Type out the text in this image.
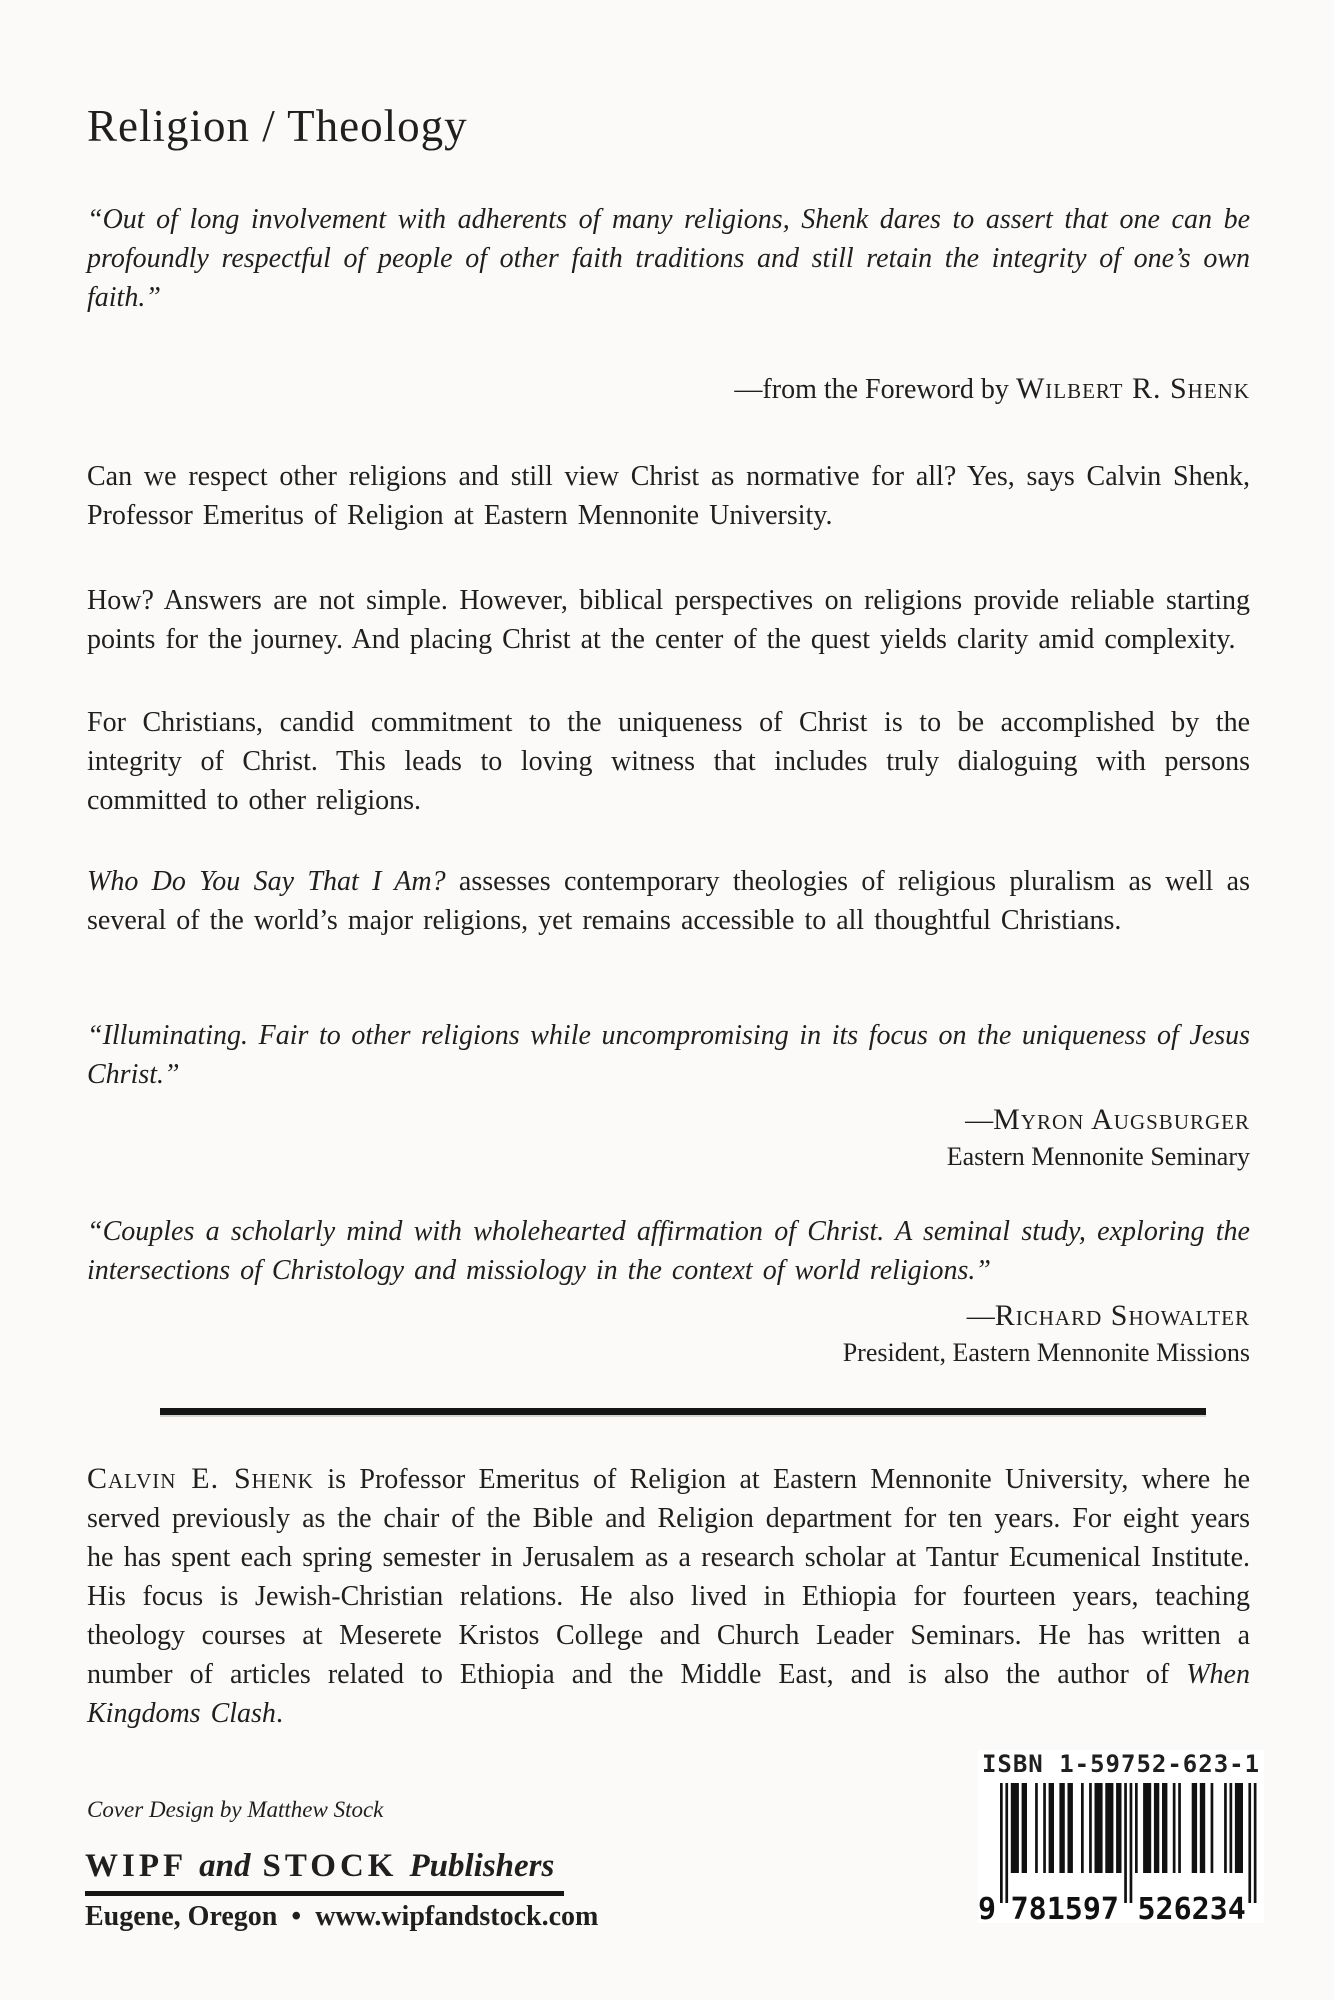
Religion / Theology

“Out of long involvement with adherents of many religions, Shenk dares to assert that one can be profoundly respectful of people of other faith traditions and still retain the integrity of one’s own faith.”

—from the Foreword by Wilbert R. Shenk

Can we respect other religions and still view Christ as normative for all? Yes, says Calvin Shenk, Professor Emeritus of Religion at Eastern Mennonite University.

How? Answers are not simple. However, biblical perspectives on religions provide reliable starting points for the journey. And placing Christ at the center of the quest yields clarity amid complexity.

For Christians, candid commitment to the uniqueness of Christ is to be accomplished by the integrity of Christ. This leads to loving witness that includes truly dialoguing with persons committed to other religions.

Who Do You Say That I Am? assesses contemporary theologies of religious pluralism as well as several of the world’s major religions, yet remains accessible to all thoughtful Christians.

“Illuminating. Fair to other religions while uncompromising in its focus on the uniqueness of Jesus Christ.”

—Myron Augsburger
Eastern Mennonite Seminary

“Couples a scholarly mind with wholehearted affirmation of Christ. A seminal study, exploring the intersections of Christology and missiology in the context of world religions.”

—Richard Showalter
President, Eastern Mennonite Missions

Calvin E. Shenk is Professor Emeritus of Religion at Eastern Mennonite University, where he served previously as the chair of the Bible and Religion department for ten years. For eight years he has spent each spring semester in Jerusalem as a research scholar at Tantur Ecumenical Institute. His focus is Jewish-Christian relations. He also lived in Ethiopia for fourteen years, teaching theology courses at Meserete Kristos College and Church Leader Seminars. He has written a number of articles related to Ethiopia and the Middle East, and is also the author of When Kingdoms Clash.

Cover Design by Matthew Stock
WIPF and STOCK Publishers
Eugene, Oregon • www.wipfandstock.com
ISBN 1-59752-623-1
9 781597 526234
